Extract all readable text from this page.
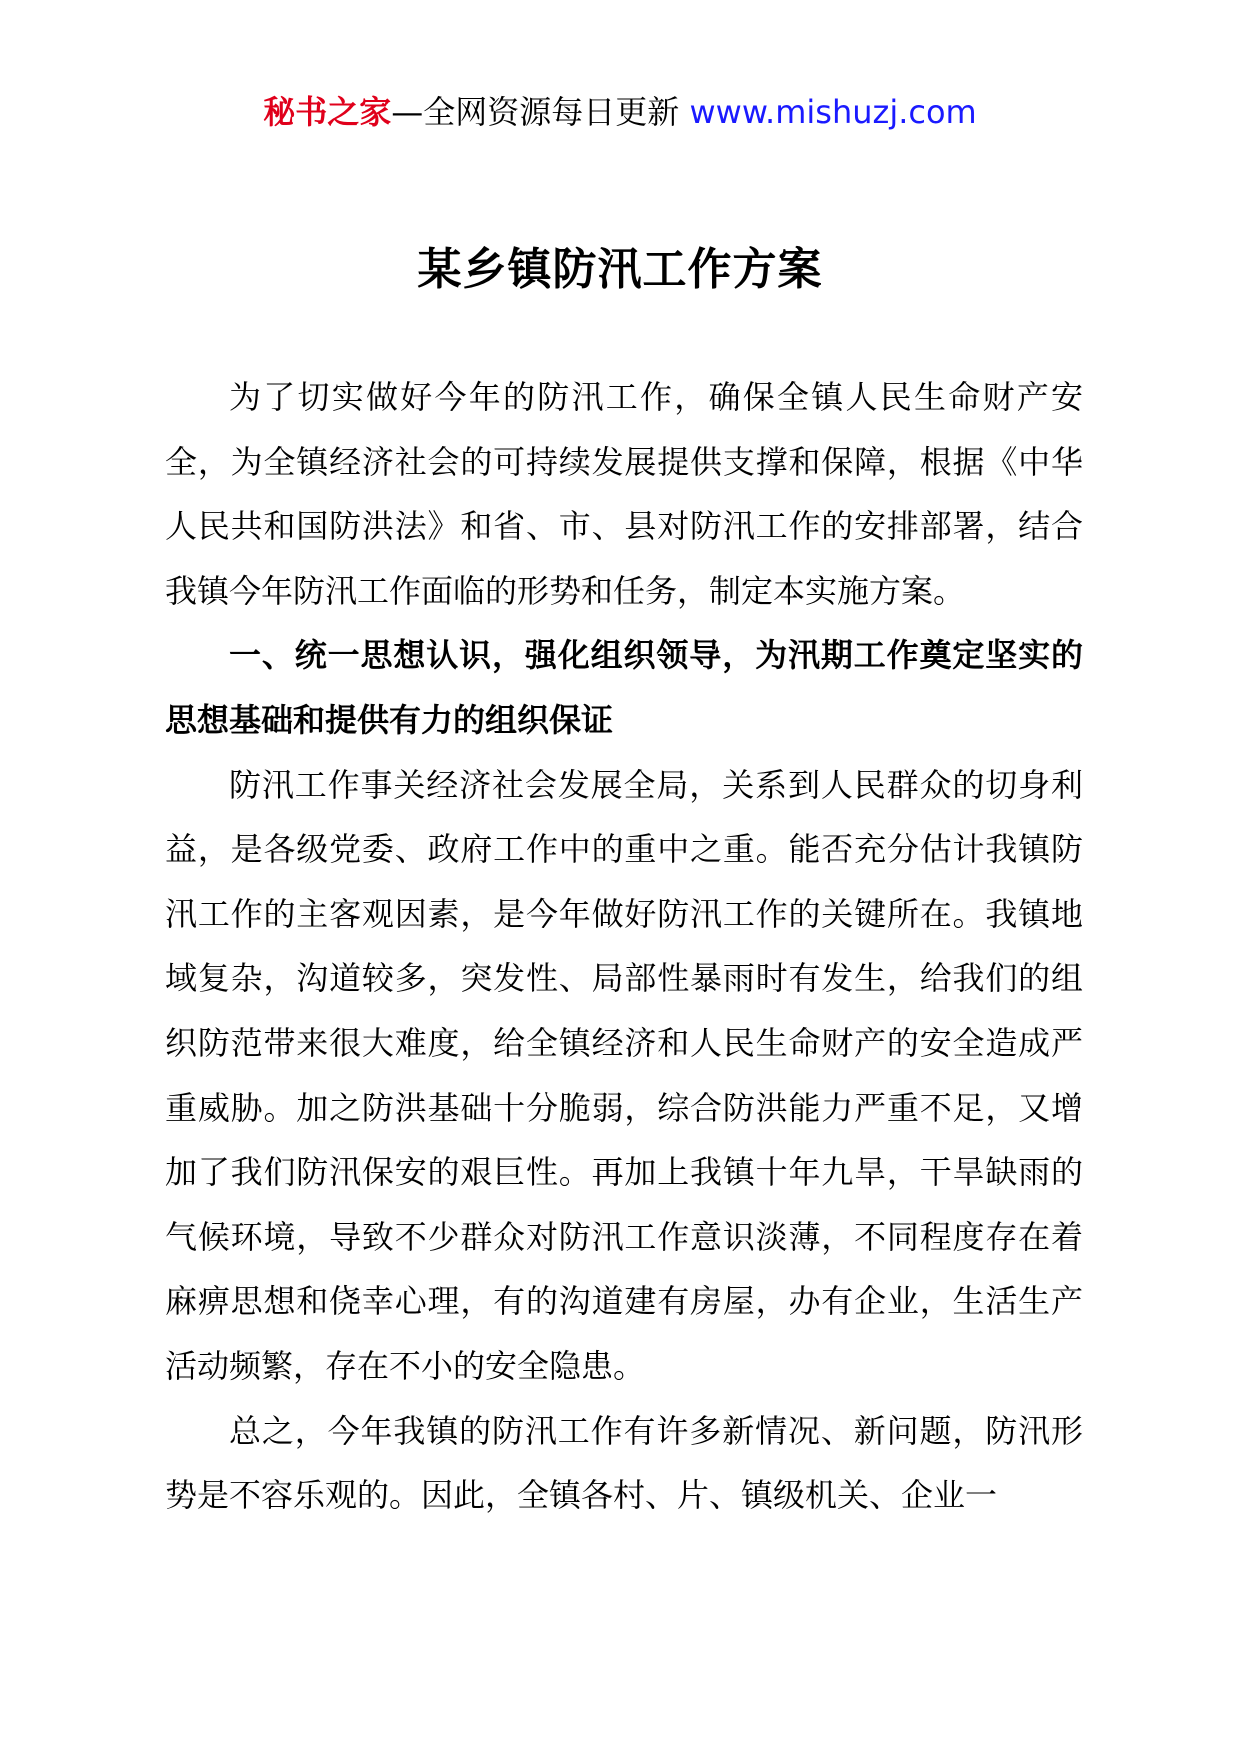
秘书之家—全网资源每日更新 www.mishuzj.com
某乡镇防汛工作方案

为了切实做好今年的防汛工作，确保全镇人民生命财产安全，为全镇经济社会的可持续发展提供支撑和保障，根据《中华人民共和国防洪法》和省、市、县对防汛工作的安排部署，结合我镇今年防汛工作面临的形势和任务，制定本实施方案。

一、统一思想认识，强化组织领导，为汛期工作奠定坚实的思想基础和提供有力的组织保证

防汛工作事关经济社会发展全局，关系到人民群众的切身利益，是各级党委、政府工作中的重中之重。能否充分估计我镇防汛工作的主客观因素，是今年做好防汛工作的关键所在。我镇地域复杂，沟道较多，突发性、局部性暴雨时有发生，给我们的组织防范带来很大难度，给全镇经济和人民生命财产的安全造成严重威胁。加之防洪基础十分脆弱，综合防洪能力严重不足，又增加了我们防汛保安的艰巨性。再加上我镇十年九旱，干旱缺雨的气候环境，导致不少群众对防汛工作意识淡薄，不同程度存在着麻痹思想和侥幸心理，有的沟道建有房屋，办有企业，生活生产活动频繁，存在不小的安全隐患。

总之，今年我镇的防汛工作有许多新情况、新问题，防汛形势是不容乐观的。因此，全镇各村、片、镇级机关、企业一
